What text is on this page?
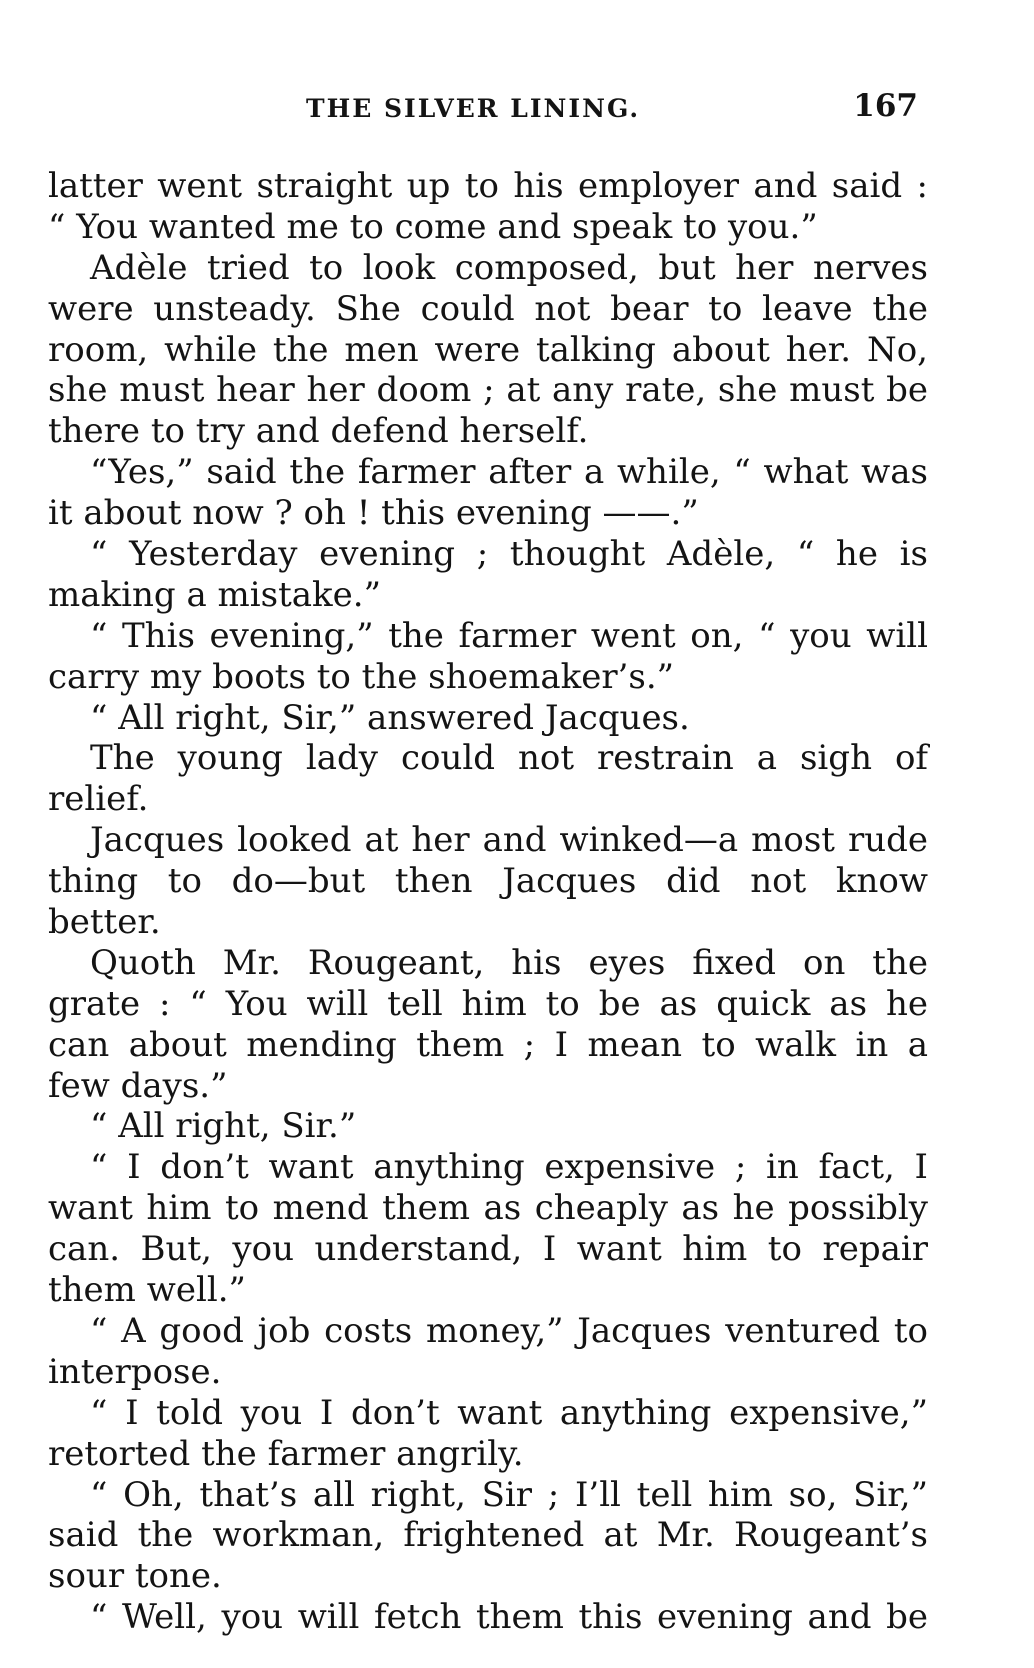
THE SILVER LINING.	167
latter went straight up to his employer and said :
“ You wanted me to come and speak to you.”
Adèle tried to look composed, but her nerves
were unsteady. She could not bear to leave the
room, while the men were talking about her. No,
she must hear her doom ; at any rate, she must be
there to try and defend herself.
“Yes,” said the farmer after a while, “ what was
it about now ? oh ! this evening ——.”
“ Yesterday evening ; thought Adèle, “ he is
making a mistake.”
“ This evening,” the farmer went on, “ you will
carry my boots to the shoemaker’s.”
“ All right, Sir,” answered Jacques.
The young lady could not restrain a sigh of
relief.
Jacques looked at her and winked—a most rude
thing to do—but then Jacques did not know
better.
Quoth Mr. Rougeant, his eyes fixed on the
grate : “ You will tell him to be as quick as he
can about mending them ; I mean to walk in a
few days.”
“ All right, Sir.”
“ I don’t want anything expensive ; in fact, I
want him to mend them as cheaply as he possibly
can. But, you understand, I want him to repair
them well.”
“ A good job costs money,” Jacques ventured to
interpose.
“ I told you I don’t want anything expensive,”
retorted the farmer angrily.
“ Oh, that’s all right, Sir ; I’ll tell him so, Sir,”
said the workman, frightened at Mr. Rougeant’s
sour tone.
“ Well, you will fetch them this evening and be
